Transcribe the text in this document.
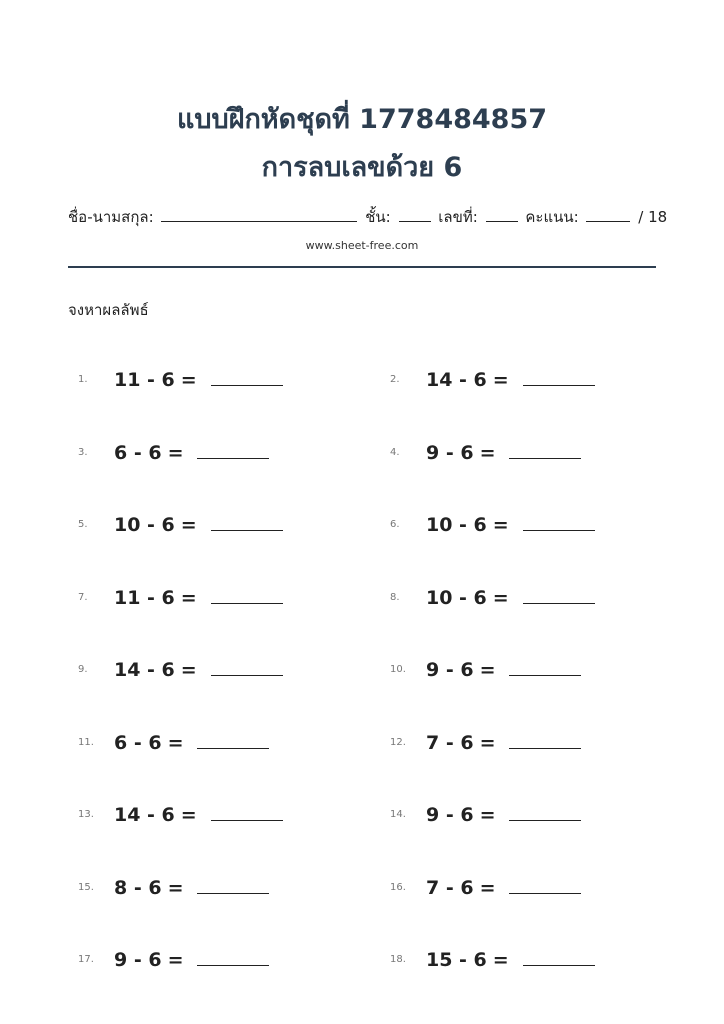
แบบฝึกหัดชุดที่ 1778484857
การลบเลขด้วย 6
ชื่อ-นามสกุล:	ชั้น:	เลขที่:	คะแนน:	/ 18
www.sheet-free.com
จงหาผลลัพธ์
1. 11 - 6 =	2. 14 - 6 =
3. 6 - 6 =	4. 9 - 6 =
5. 10 - 6 =	6. 10 - 6 =
7. 11 - 6 =	8. 10 - 6 =
9. 14 - 6 =	10. 9 - 6 =
11. 6 - 6 =	12. 7 - 6 =
13. 14 - 6 =	14. 9 - 6 =
15. 8 - 6 =	16. 7 - 6 =
17. 9 - 6 =	18. 15 - 6 =
